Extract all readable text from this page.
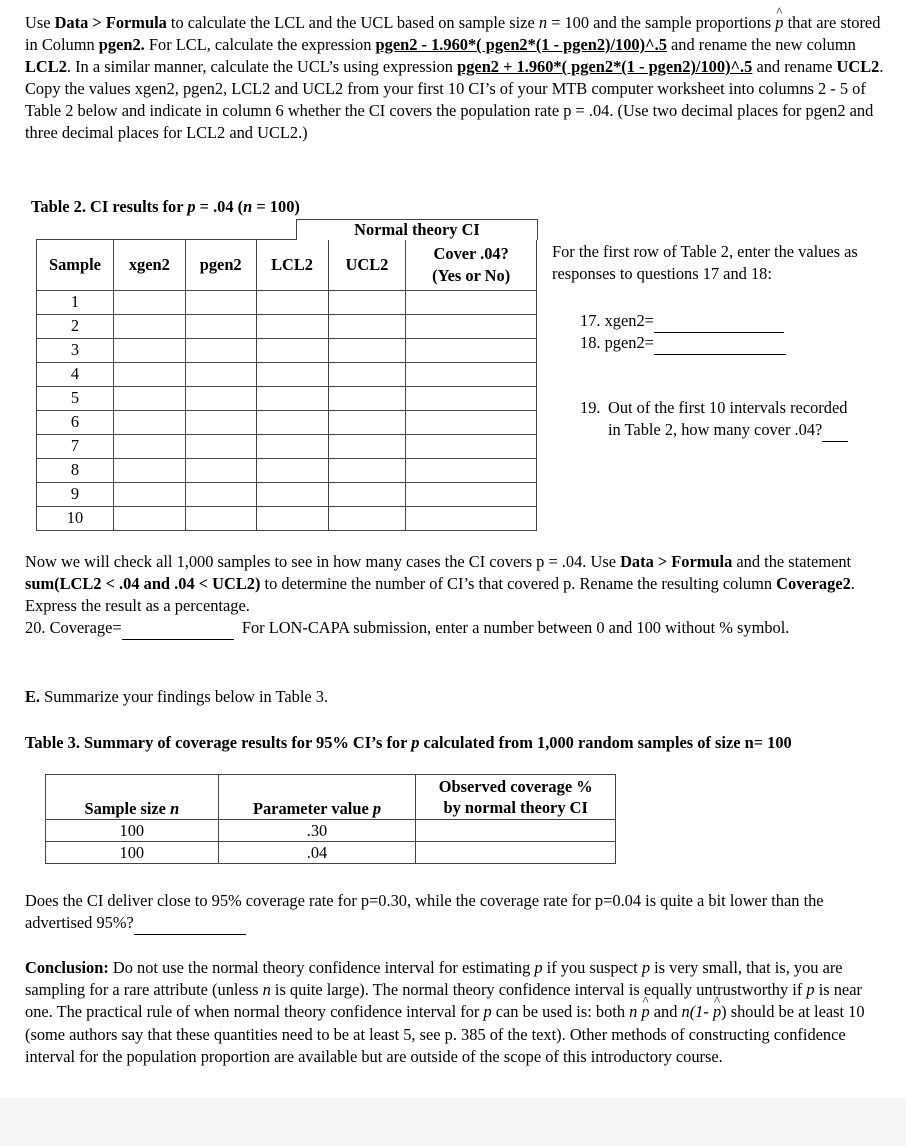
Use Data > Formula to calculate the LCL and the UCL based on sample size n = 100 and the sample proportions p ^ that are stored in Column pgen2. For LCL, calculate the expression pgen2 - 1.960*( pgen2*(1 - pgen2)/100)^.5 and rename the new column LCL2. In a similar manner, calculate the UCL’s using expression pgen2 + 1.960*( pgen2*(1 - pgen2)/100)^.5 and rename UCL2.

Copy the values xgen2, pgen2, LCL2 and UCL2 from your first 10 CI’s of your MTB computer worksheet into columns 2 - 5 of Table 2 below and indicate in column 6 whether the CI covers the population rate p = .04. (Use two decimal places for pgen2 and three decimal places for LCL2 and UCL2.)

Table 2. CI results for p = .04 (n = 100)

Sample	xgen2	pgen2	LCL2	UCL2	Cover .04?
(Yes or No)
1					
2					
3					
4					
5					
6					
7					
8					
9					
10					
Normal theory CI
For the first row of Table 2, enter the values as responses to questions 17 and 18:
17. xgen2=
18. pgen2=
19. Out of the first 10 intervals recorded in Table 2, how many cover .04?

Now we will check all 1,000 samples to see in how many cases the CI covers p = .04. Use Data > Formula and the statement sum(LCL2 < .04 and .04 < UCL2) to determine the number of CI’s that covered p. Rename the resulting column Coverage2. Express the result as a percentage.

20. Coverage=	For LON-CAPA submission, enter a number between 0 and 100 without % symbol.

E. Summarize your findings below in Table 3.
Table 3. Summary of coverage results for 95% CI’s for p calculated from 1,000 random samples of size n= 100
Sample size n	Parameter value p	Observed coverage %
by normal theory CI
100	.30	
100	.04	
Does the CI deliver close to 95% coverage rate for p=0.30, while the coverage rate for p=0.04 is quite a bit lower than the advertised 95%?
Conclusion: Do not use the normal theory confidence interval for estimating p if you suspect p is very small, that is, you are sampling for a rare attribute (unless n is quite large). The normal theory confidence interval is equally untrustworthy if p is near one. The practical rule of when normal theory confidence interval for p can be used is: both n p ^ and n(1- p ^) should be at least 10 (some authors say that these quantities need to be at least 5, see p. 385 of the text). Other methods of constructing confidence interval for the population proportion are available but are outside of the scope of this introductory course.
